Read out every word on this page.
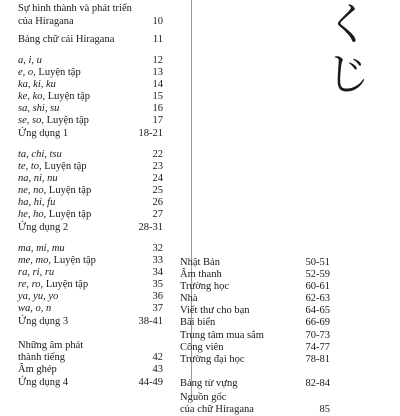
くじ
Sự hình thành và phát triển
của Hiragana	10
Bảng chữ cái Hiragana	11
a, i, u	12
e, o, Luyện tập	13
ka, ki, ku	14
ke, ko, Luyện tập	15
sa, shi, su	16
se, so, Luyện tập	17
Ứng dụng 1	18-21
ta, chi, tsu	22
te, to, Luyện tập	23
na, ni, nu	24
ne, no, Luyện tập	25
ha, hi, fu	26
he, ho, Luyện tập	27
Ứng dụng 2	28-31
ma, mi, mu	32
me, mo, Luyện tập	33
ra, ri, ru	34
re, ro, Luyện tập	35
ya, yu, yo	36
wa, o, n	37
Ứng dụng 3	38-41
Những âm phát
thành tiếng	42
Âm ghép	43
Ứng dụng 4	44-49
Nhật Bản	50-51
Âm thanh	52-59
Trường học	60-61
Nhà	62-63
Viết thư cho bạn	64-65
Bãi biển	66-69
Trung tâm mua sắm	70-73
Công viên	74-77
Trường đại học	78-81
Bảng từ vựng	82-84
Nguồn gốc
của chữ Hiragana	85
